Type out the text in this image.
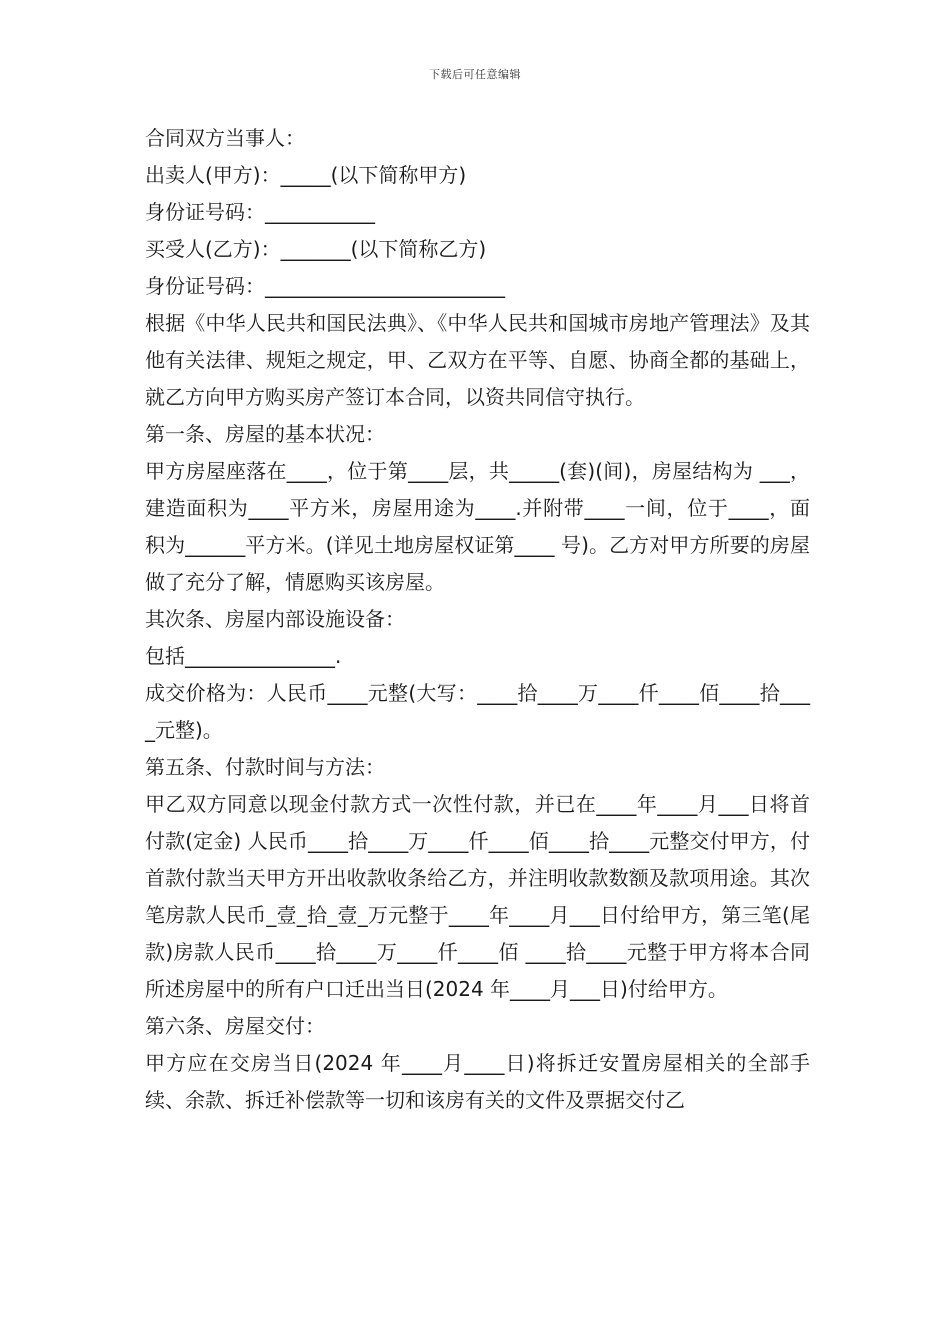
下载后可任意编辑

合同双方当事人：

出卖人(甲方)：_____(以下简称甲方)

身份证号码：___________

买受人(乙方)：_______(以下简称乙方)

身份证号码：________________________

根据《中华人民共和国民法典》、《中华人民共和国城市房地产管理法》及其他有关法律、规矩之规定，甲、乙双方在平等、自愿、协商全都的基础上，就乙方向甲方购买房产签订本合同，以资共同信守执行。

第一条、房屋的基本状况：

甲方房屋座落在____，位于第____层，共_____(套)(间)，房屋结构为 ___，建造面积为____平方米，房屋用途为____.并附带____一间，位于____，面积为______平方米。(详见土地房屋权证第____ 号)。乙方对甲方所要的房屋做了充分了解，情愿购买该房屋。

其次条、房屋内部设施设备：

包括_______________.

成交价格为：人民币____元整(大写：____拾____万____仟____佰____拾____元整)。

第五条、付款时间与方法：

甲乙双方同意以现金付款方式一次性付款，并已在____年____月___日将首付款(定金) 人民币____拾____万____仟____佰____拾____元整交付甲方，付首款付款当天甲方开出收款收条给乙方，并注明收款数额及款项用途。其次笔房款人民币_壹_拾_壹_万元整于____年____月___日付给甲方，第三笔(尾款)房款人民币____拾____万____仟____佰 ____拾____元整于甲方将本合同所述房屋中的所有户口迁出当日(2024 年____月___日)付给甲方。

第六条、房屋交付：

甲方应在交房当日(2024 年____月____日)将拆迁安置房屋相关的全部手续、余款、拆迁补偿款等一切和该房有关的文件及票据交付乙
